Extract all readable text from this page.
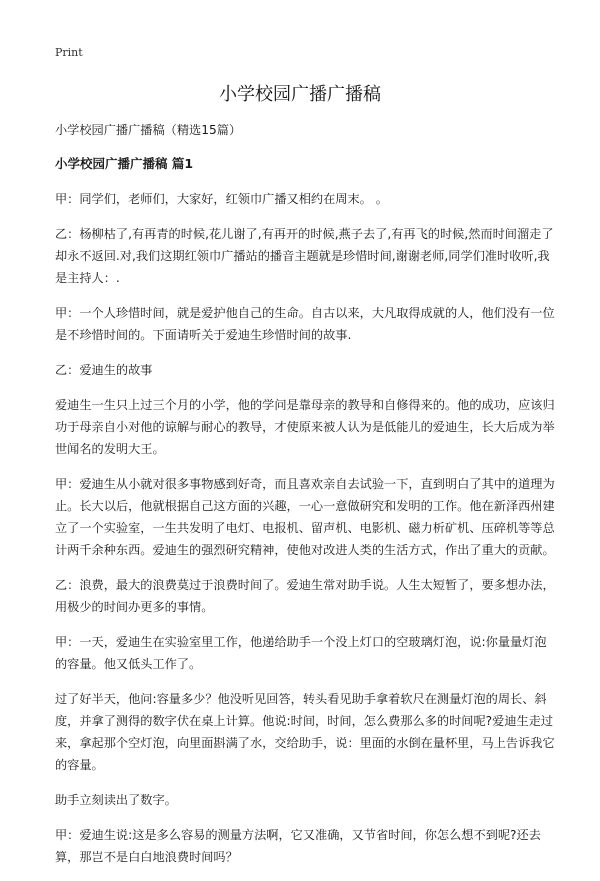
Print
小学校园广播广播稿

小学校园广播广播稿（精选15篇）

小学校园广播广播稿 篇1

甲：同学们，老师们，大家好，红领巾广播又相约在周末。 。

乙：杨柳枯了,有再青的时候,花儿谢了,有再开的时候,燕子去了,有再飞的时候,然而时间溜走了却永不返回.对,我们这期红领巾广播站的播音主题就是珍惜时间,谢谢老师,同学们准时收听,我是主持人：.

甲：一个人珍惜时间，就是爱护他自己的生命。自古以来，大凡取得成就的人，他们没有一位是不珍惜时间的。下面请听关于爱迪生珍惜时间的故事.

乙：爱迪生的故事

爱迪生一生只上过三个月的小学，他的学问是靠母亲的教导和自修得来的。他的成功，应该归功于母亲自小对他的谅解与耐心的教导，才使原来被人认为是低能儿的爱迪生，长大后成为举世闻名的发明大王。

甲：爱迪生从小就对很多事物感到好奇，而且喜欢亲自去试验一下，直到明白了其中的道理为止。长大以后，他就根据自己这方面的兴趣，一心一意做研究和发明的工作。他在新泽西州建立了一个实验室，一生共发明了电灯、电报机、留声机、电影机、磁力析矿机、压碎机等等总计两千余种东西。爱迪生的强烈研究精神，使他对改进人类的生活方式，作出了重大的贡献。

乙：浪费，最大的浪费莫过于浪费时间了。爱迪生常对助手说。人生太短暂了，要多想办法，用极少的时间办更多的事情。

甲：一天，爱迪生在实验室里工作，他递给助手一个没上灯口的空玻璃灯泡，说:你量量灯泡的容量。他又低头工作了。

过了好半天，他问:容量多少？他没听见回答，转头看见助手拿着软尺在测量灯泡的周长、斜度，并拿了测得的数字伏在桌上计算。他说:时间，时间，怎么费那么多的时间呢?爱迪生走过来，拿起那个空灯泡，向里面斟满了水，交给助手，说：里面的水倒在量杯里，马上告诉我它的容量。

助手立刻读出了数字。

甲：爱迪生说:这是多么容易的测量方法啊，它又准确，又节省时间，你怎么想不到呢?还去算，那岂不是白白地浪费时间吗？
